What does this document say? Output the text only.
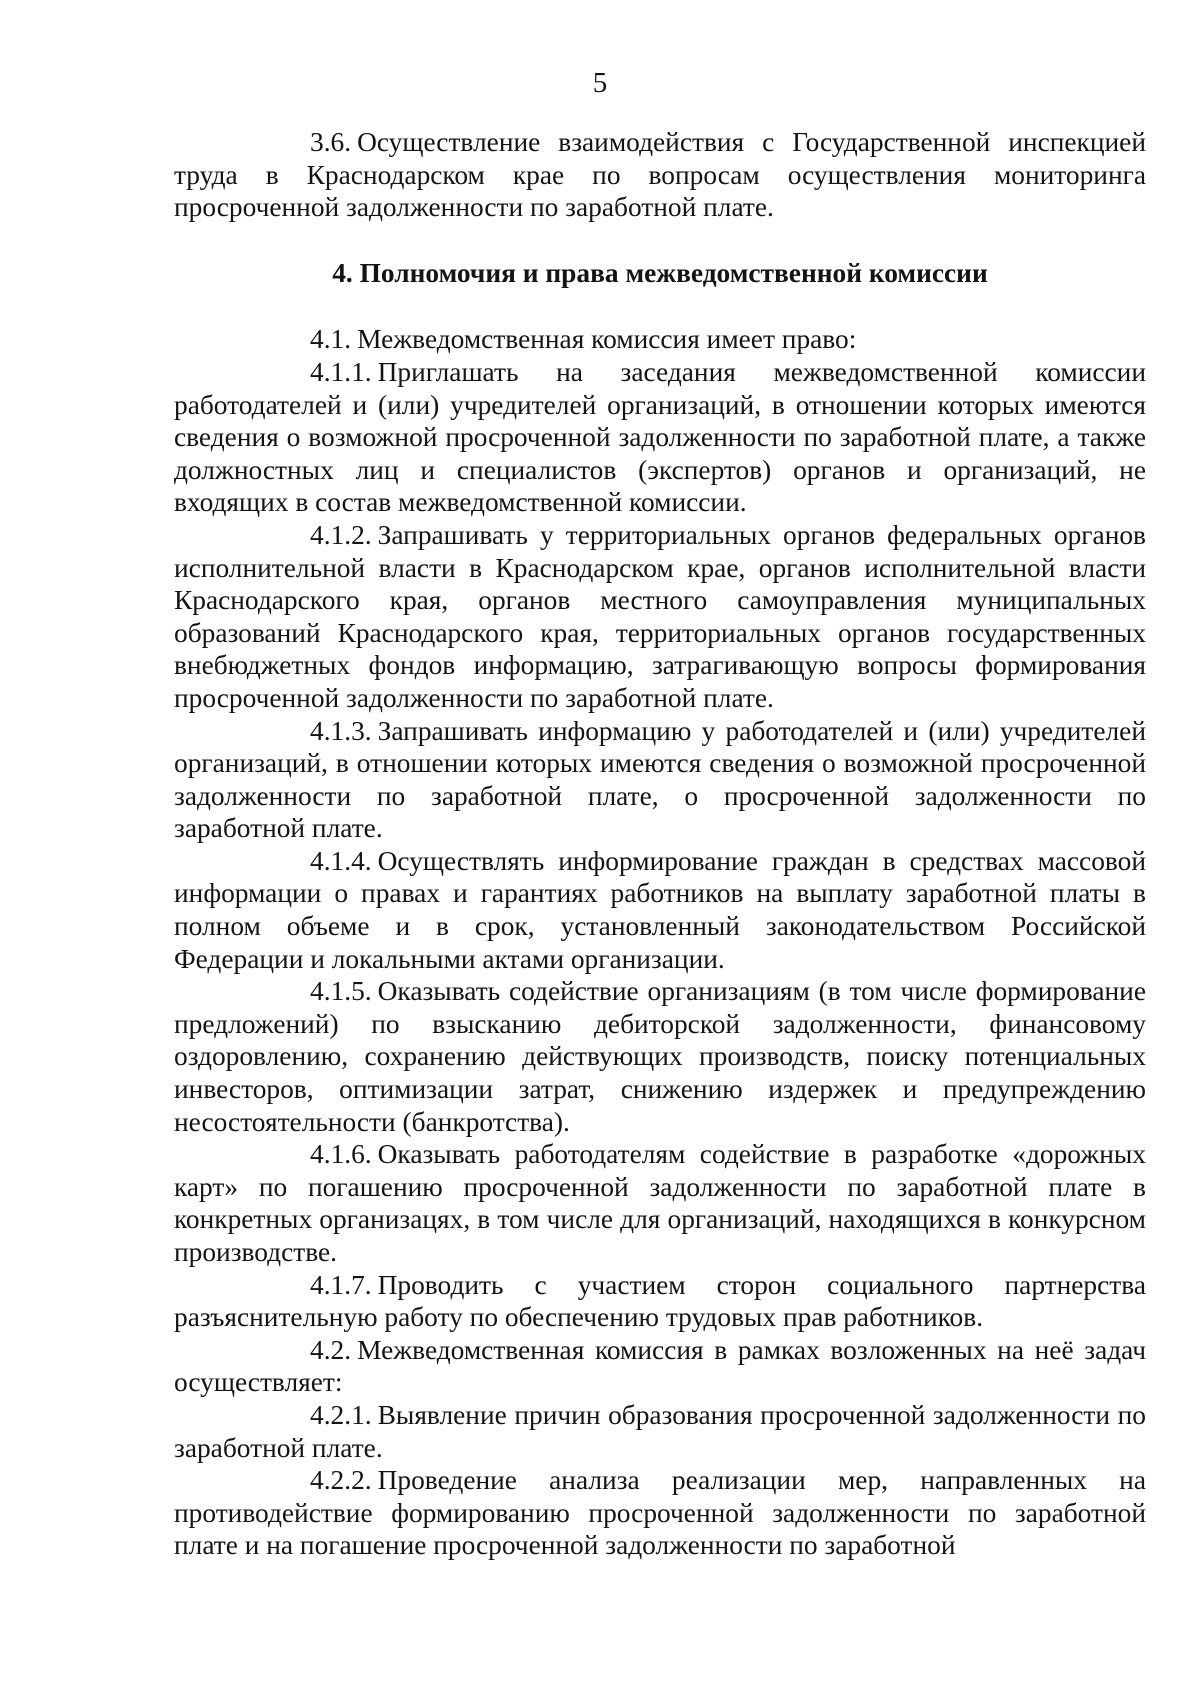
5

3.6. Осуществление взаимодействия с Государственной инспекцией труда в Краснодарском крае по вопросам осуществления мониторинга просроченной задолженности по заработной плате.

4. Полномочия и права межведомственной комиссии

4.1. Межведомственная комиссия имеет право:

4.1.1. Приглашать на заседания межведомственной комиссии работодателей и (или) учредителей организаций, в отношении которых имеются сведения о возможной просроченной задолженности по заработной плате, а также должностных лиц и специалистов (экспертов) органов и организаций, не входящих в состав межведомственной комиссии.

4.1.2. Запрашивать у территориальных органов федеральных органов исполнительной власти в Краснодарском крае, органов исполнительной власти Краснодарского края, органов местного самоуправления муниципальных образований Краснодарского края, территориальных органов государственных внебюджетных фондов информацию, затрагивающую вопросы формирования просроченной задолженности по заработной плате.

4.1.3. Запрашивать информацию у работодателей и (или) учредителей организаций, в отношении которых имеются сведения о возможной просроченной задолженности по заработной плате, о просроченной задолженности по заработной плате.

4.1.4. Осуществлять информирование граждан в средствах массовой информации о правах и гарантиях работников на выплату заработной платы в полном объеме и в срок, установленный законодательством Российской Федерации и локальными актами организации.

4.1.5. Оказывать содействие организациям (в том числе формирование предложений) по взысканию дебиторской задолженности, финансовому оздоровлению, сохранению действующих производств, поиску потенциальных инвесторов, оптимизации затрат, снижению издержек и предупреждению несостоятельности (банкротства).

4.1.6. Оказывать работодателям содействие в разработке «дорожных карт» по погашению просроченной задолженности по заработной плате в конкретных организацях, в том числе для организаций, находящихся в конкурсном производстве.

4.1.7. Проводить с участием сторон социального партнерства разъяснительную работу по обеспечению трудовых прав работников.

4.2. Межведомственная комиссия в рамках возложенных на неё задач осуществляет:

4.2.1. Выявление причин образования просроченной задолженности по заработной плате.

4.2.2. Проведение анализа реализации мер, направленных на противодействие формированию просроченной задолженности по заработной плате и на погашение просроченной задолженности по заработной
